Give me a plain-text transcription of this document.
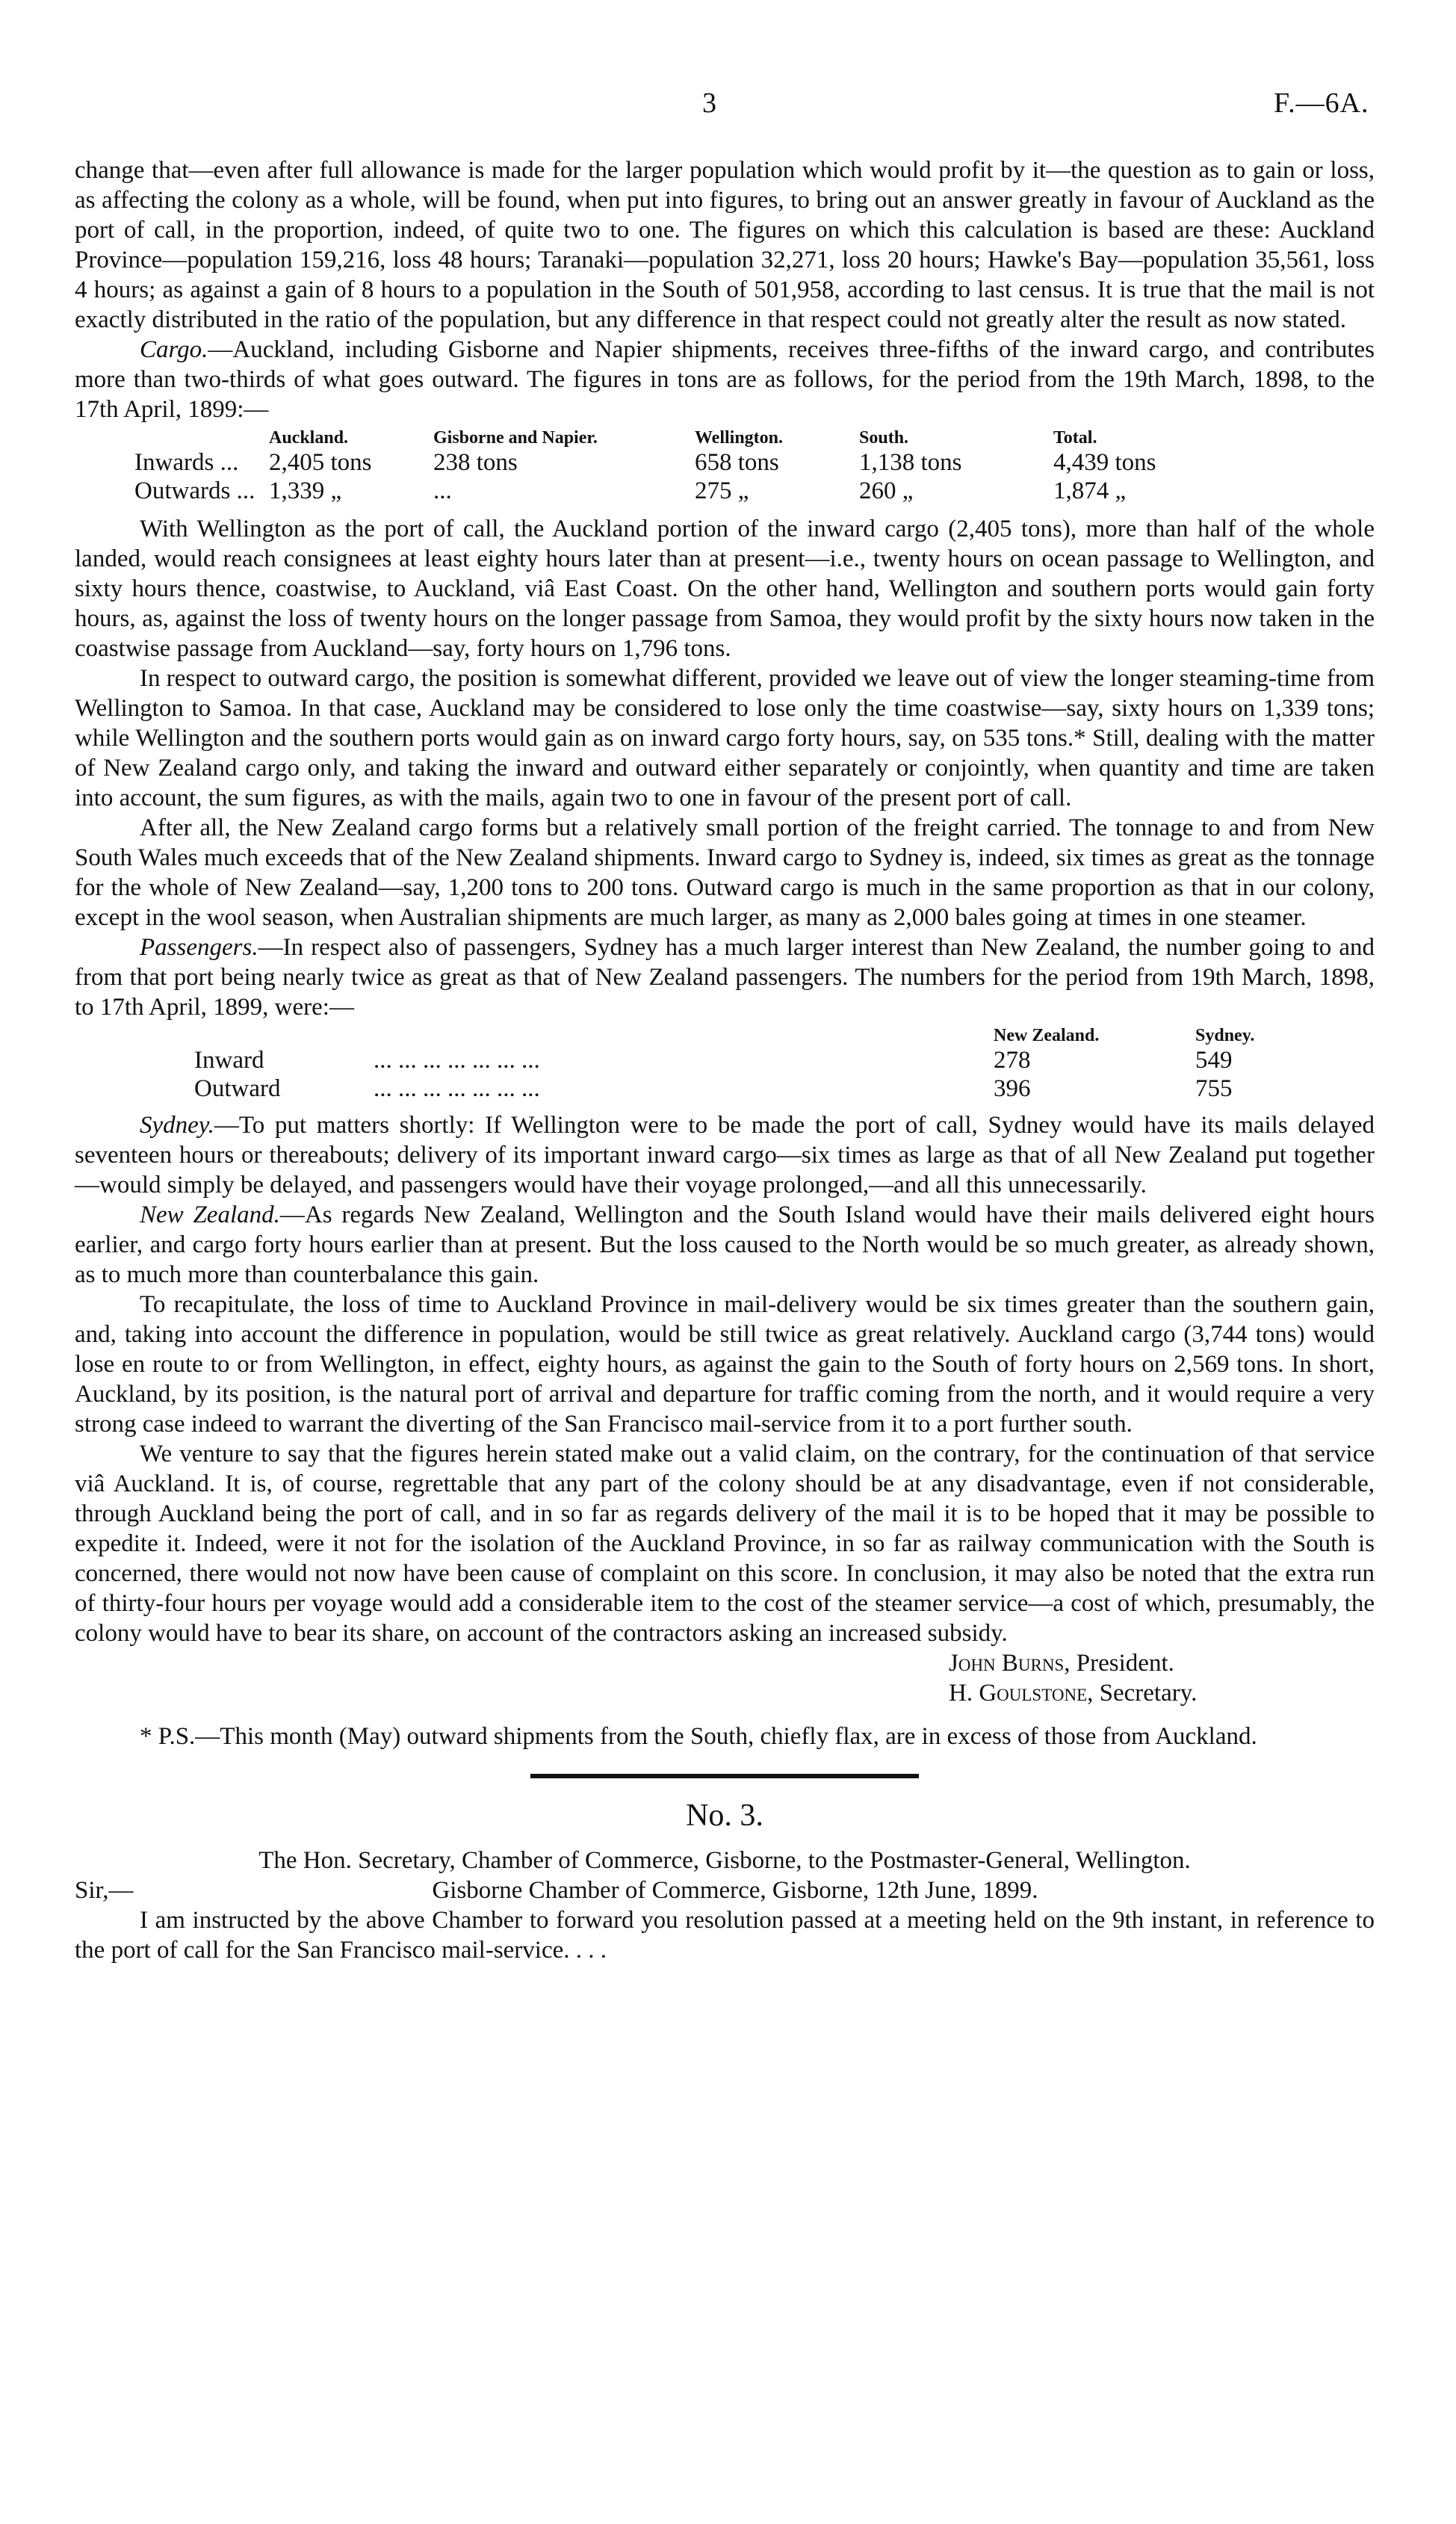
3	F.—6A.

change that—even after full allowance is made for the larger population which would profit by it—the question as to gain or loss, as affecting the colony as a whole, will be found, when put into figures, to bring out an answer greatly in favour of Auckland as the port of call, in the proportion, indeed, of quite two to one. The figures on which this calculation is based are these: Auckland Province—population 159,216, loss 48 hours; Taranaki—population 32,271, loss 20 hours; Hawke's Bay—population 35,561, loss 4 hours; as against a gain of 8 hours to a population in the South of 501,958, according to last census. It is true that the mail is not exactly distributed in the ratio of the population, but any difference in that respect could not greatly alter the result as now stated.

Cargo.—Auckland, including Gisborne and Napier shipments, receives three-fifths of the inward cargo, and contributes more than two-thirds of what goes outward. The figures in tons are as follows, for the period from the 19th March, 1898, to the 17th April, 1899:—

	Auckland.	Gisborne and Napier.	Wellington.	South.	Total.
Inwards ...	2,405 tons	238 tons	658 tons	1,138 tons	4,439 tons
Outwards ...	1,339 „	...	275 „	260 „	1,874 „

With Wellington as the port of call, the Auckland portion of the inward cargo (2,405 tons), more than half of the whole landed, would reach consignees at least eighty hours later than at present—i.e., twenty hours on ocean passage to Wellington, and sixty hours thence, coastwise, to Auckland, viâ East Coast. On the other hand, Wellington and southern ports would gain forty hours, as, against the loss of twenty hours on the longer passage from Samoa, they would profit by the sixty hours now taken in the coastwise passage from Auckland—say, forty hours on 1,796 tons.

In respect to outward cargo, the position is somewhat different, provided we leave out of view the longer steaming-time from Wellington to Samoa. In that case, Auckland may be considered to lose only the time coastwise—say, sixty hours on 1,339 tons; while Wellington and the southern ports would gain as on inward cargo forty hours, say, on 535 tons.* Still, dealing with the matter of New Zealand cargo only, and taking the inward and outward either separately or conjointly, when quantity and time are taken into account, the sum figures, as with the mails, again two to one in favour of the present port of call.

After all, the New Zealand cargo forms but a relatively small portion of the freight carried. The tonnage to and from New South Wales much exceeds that of the New Zealand shipments. Inward cargo to Sydney is, indeed, six times as great as the tonnage for the whole of New Zealand—say, 1,200 tons to 200 tons. Outward cargo is much in the same proportion as that in our colony, except in the wool season, when Australian shipments are much larger, as many as 2,000 bales going at times in one steamer.

Passengers.—In respect also of passengers, Sydney has a much larger interest than New Zealand, the number going to and from that port being nearly twice as great as that of New Zealand passengers. The numbers for the period from 19th March, 1898, to 17th April, 1899, were:—

		New Zealand.	Sydney.
Inward	... ... ... ... ... ... ...	278	549
Outward	... ... ... ... ... ... ...	396	755

Sydney.—To put matters shortly: If Wellington were to be made the port of call, Sydney would have its mails delayed seventeen hours or thereabouts; delivery of its important inward cargo—six times as large as that of all New Zealand put together—would simply be delayed, and passengers would have their voyage prolonged,—and all this unnecessarily.

New Zealand.—As regards New Zealand, Wellington and the South Island would have their mails delivered eight hours earlier, and cargo forty hours earlier than at present. But the loss caused to the North would be so much greater, as already shown, as to much more than counterbalance this gain.

To recapitulate, the loss of time to Auckland Province in mail-delivery would be six times greater than the southern gain, and, taking into account the difference in population, would be still twice as great relatively. Auckland cargo (3,744 tons) would lose en route to or from Wellington, in effect, eighty hours, as against the gain to the South of forty hours on 2,569 tons. In short, Auckland, by its position, is the natural port of arrival and departure for traffic coming from the north, and it would require a very strong case indeed to warrant the diverting of the San Francisco mail-service from it to a port further south.

We venture to say that the figures herein stated make out a valid claim, on the contrary, for the continuation of that service viâ Auckland. It is, of course, regrettable that any part of the colony should be at any disadvantage, even if not considerable, through Auckland being the port of call, and in so far as regards delivery of the mail it is to be hoped that it may be possible to expedite it. Indeed, were it not for the isolation of the Auckland Province, in so far as railway communication with the South is concerned, there would not now have been cause of complaint on this score. In conclusion, it may also be noted that the extra run of thirty-four hours per voyage would add a considerable item to the cost of the steamer service—a cost of which, presumably, the colony would have to bear its share, on account of the contractors asking an increased subsidy.

John Burns, President.
H. Goulstone, Secretary.

* P.S.—This month (May) outward shipments from the South, chiefly flax, are in excess of those from Auckland.

No. 3.

The Hon. Secretary, Chamber of Commerce, Gisborne, to the Postmaster-General, Wellington.

Sir,—	Gisborne Chamber of Commerce, Gisborne, 12th June, 1899.

I am instructed by the above Chamber to forward you resolution passed at a meeting held on the 9th instant, in reference to the port of call for the San Francisco mail-service. . . .
